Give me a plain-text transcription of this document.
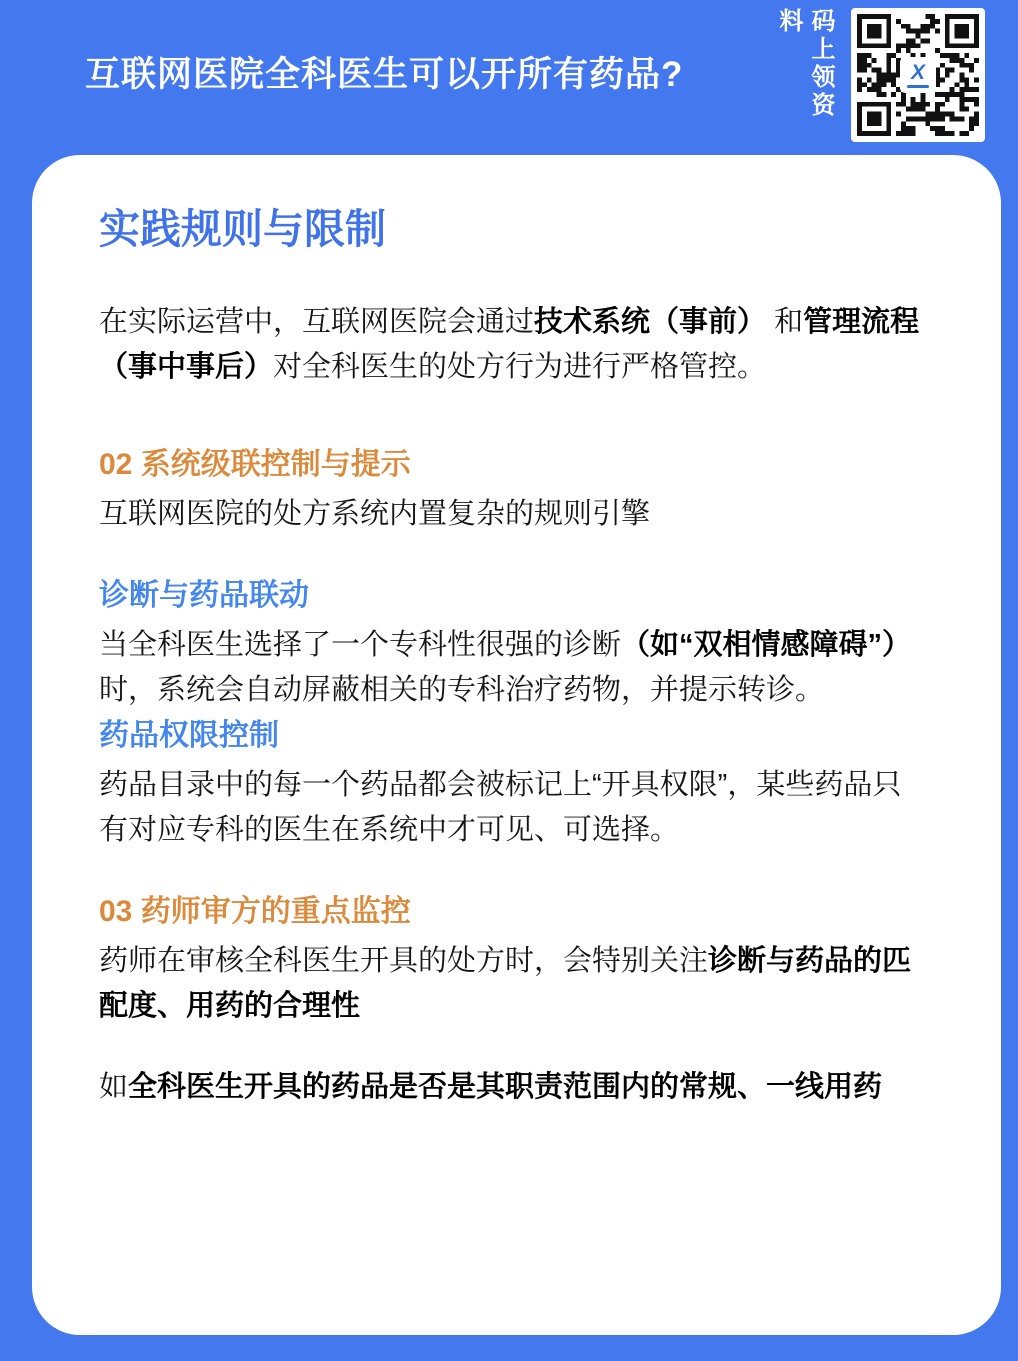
互联网医院全科医生可以开所有药品?	码上领资料
X
实践规则与限制

在实际运营中，互联网医院会通过技术系统（事前） 和管理流程（事中事后）对全科医生的处方行为进行严格管控。

02 系统级联控制与提示

互联网医院的处方系统内置复杂的规则引擎

诊断与药品联动

当全科医生选择了一个专科性很强的诊断（如“双相情感障碍”）时，系统会自动屏蔽相关的专科治疗药物，并提示转诊。

药品权限控制

药品目录中的每一个药品都会被标记上“开具权限”，某些药品只有对应专科的医生在系统中才可见、可选择。

03 药师审方的重点监控

药师在审核全科医生开具的处方时，会特别关注诊断与药品的匹配度、用药的合理性

如全科医生开具的药品是否是其职责范围内的常规、一线用药
